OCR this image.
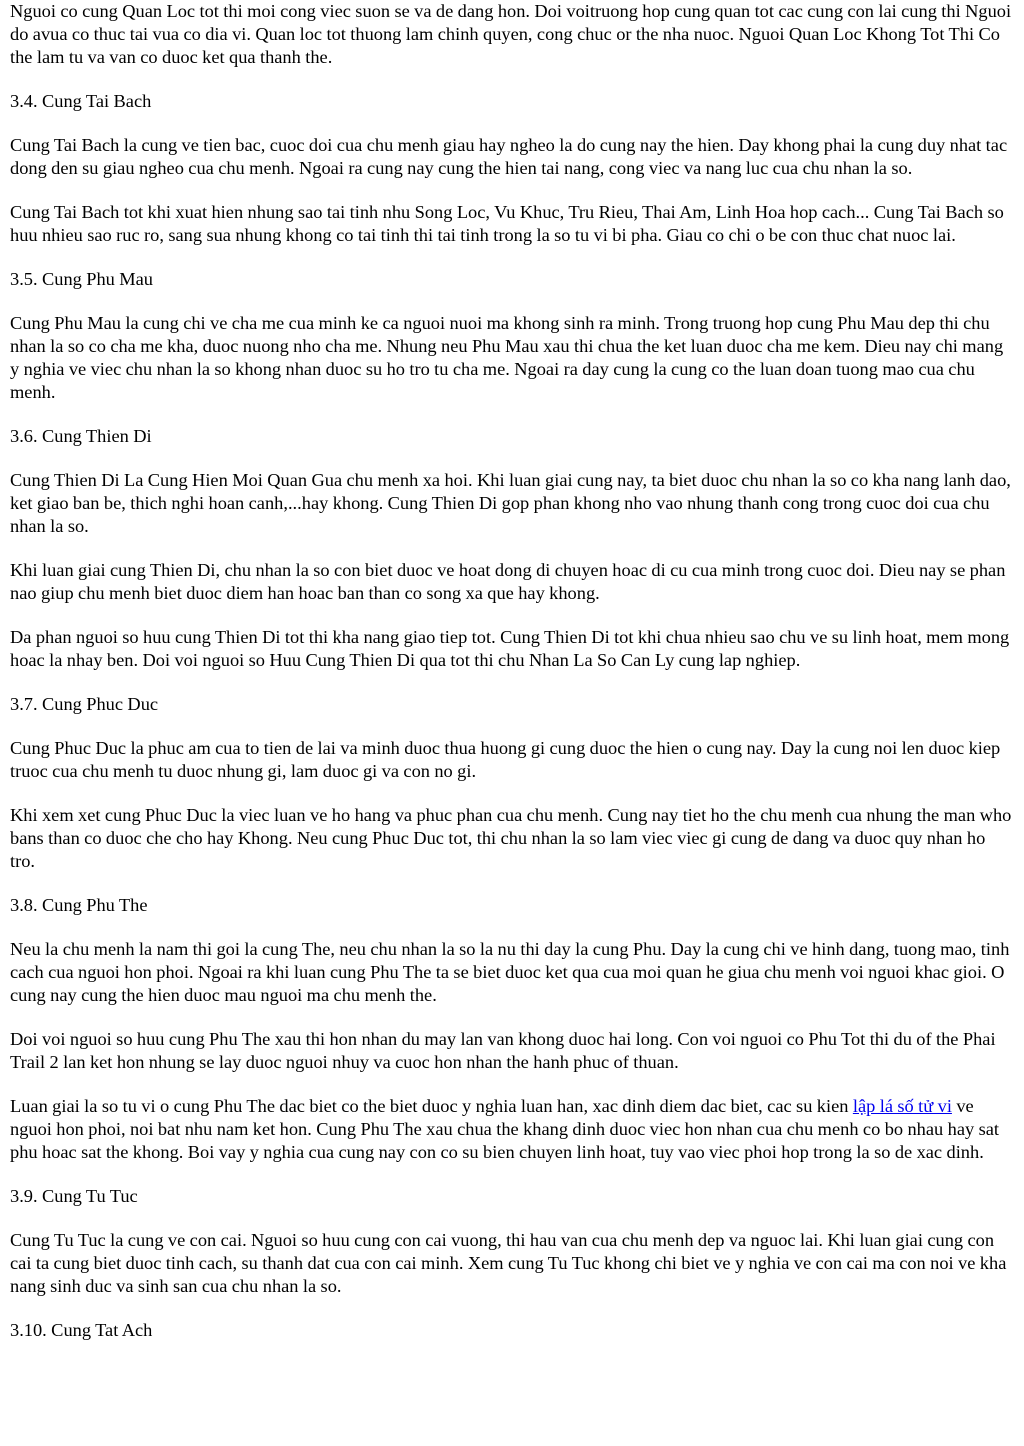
Nguoi co cung Quan Loc tot thi moi cong viec suon se va de dang hon. Doi voitruong hop cung quan tot cac cung con lai cung thi Nguoi do avua co thuc tai vua co dia vi. Quan loc tot thuong lam chinh quyen, cong chuc or the nha nuoc. Nguoi Quan Loc Khong Tot Thi Co the lam tu va van co duoc ket qua thanh the.

3.4. Cung Tai Bach

Cung Tai Bach la cung ve tien bac, cuoc doi cua chu menh giau hay ngheo la do cung nay the hien. Day khong phai la cung duy nhat tac dong den su giau ngheo cua chu menh. Ngoai ra cung nay cung the hien tai nang, cong viec va nang luc cua chu nhan la so.

Cung Tai Bach tot khi xuat hien nhung sao tai tinh nhu Song Loc, Vu Khuc, Tru Rieu, Thai Am, Linh Hoa hop cach... Cung Tai Bach so huu nhieu sao ruc ro, sang sua nhung khong co tai tinh thi tai tinh trong la so tu vi bi pha. Giau co chi o be con thuc chat nuoc lai.

3.5. Cung Phu Mau

Cung Phu Mau la cung chi ve cha me cua minh ke ca nguoi nuoi ma khong sinh ra minh. Trong truong hop cung Phu Mau dep thi chu nhan la so co cha me kha, duoc nuong nho cha me. Nhung neu Phu Mau xau thi chua the ket luan duoc cha me kem. Dieu nay chi mang y nghia ve viec chu nhan la so khong nhan duoc su ho tro tu cha me. Ngoai ra day cung la cung co the luan doan tuong mao cua chu menh.

3.6. Cung Thien Di

Cung Thien Di La Cung Hien Moi Quan Gua chu menh xa hoi. Khi luan giai cung nay, ta biet duoc chu nhan la so co kha nang lanh dao, ket giao ban be, thich nghi hoan canh,...hay khong. Cung Thien Di gop phan khong nho vao nhung thanh cong trong cuoc doi cua chu nhan la so.

Khi luan giai cung Thien Di, chu nhan la so con biet duoc ve hoat dong di chuyen hoac di cu cua minh trong cuoc doi. Dieu nay se phan nao giup chu menh biet duoc diem han hoac ban than co song xa que hay khong.

Da phan nguoi so huu cung Thien Di tot thi kha nang giao tiep tot. Cung Thien Di tot khi chua nhieu sao chu ve su linh hoat, mem mong hoac la nhay ben. Doi voi nguoi so Huu Cung Thien Di qua tot thi chu Nhan La So Can Ly cung lap nghiep.

3.7. Cung Phuc Duc

Cung Phuc Duc la phuc am cua to tien de lai va minh duoc thua huong gi cung duoc the hien o cung nay. Day la cung noi len duoc kiep truoc cua chu menh tu duoc nhung gi, lam duoc gi va con no gi.

Khi xem xet cung Phuc Duc la viec luan ve ho hang va phuc phan cua chu menh. Cung nay tiet ho the chu menh cua nhung the man who bans than co duoc che cho hay Khong. Neu cung Phuc Duc tot, thi chu nhan la so lam viec viec gi cung de dang va duoc quy nhan ho tro.

3.8. Cung Phu The

Neu la chu menh la nam thi goi la cung The, neu chu nhan la so la nu thi day la cung Phu. Day la cung chi ve hinh dang, tuong mao, tinh cach cua nguoi hon phoi. Ngoai ra khi luan cung Phu The ta se biet duoc ket qua cua moi quan he giua chu menh voi nguoi khac gioi. O cung nay cung the hien duoc mau nguoi ma chu menh the.

Doi voi nguoi so huu cung Phu The xau thi hon nhan du may lan van khong duoc hai long. Con voi nguoi co Phu Tot thi du of the Phai Trail 2 lan ket hon nhung se lay duoc nguoi nhuy va cuoc hon nhan the hanh phuc of thuan.

Luan giai la so tu vi o cung Phu The dac biet co the biet duoc y nghia luan han, xac dinh diem dac biet, cac su kien lập lá số tử vi ve nguoi hon phoi, noi bat nhu nam ket hon. Cung Phu The xau chua the khang dinh duoc viec hon nhan cua chu menh co bo nhau hay sat phu hoac sat the khong. Boi vay y nghia cua cung nay con co su bien chuyen linh hoat, tuy vao viec phoi hop trong la so de xac dinh.

3.9. Cung Tu Tuc

Cung Tu Tuc la cung ve con cai. Nguoi so huu cung con cai vuong, thi hau van cua chu menh dep va nguoc lai. Khi luan giai cung con cai ta cung biet duoc tinh cach, su thanh dat cua con cai minh. Xem cung Tu Tuc khong chi biet ve y nghia ve con cai ma con noi ve kha nang sinh duc va sinh san cua chu nhan la so.

3.10. Cung Tat Ach
